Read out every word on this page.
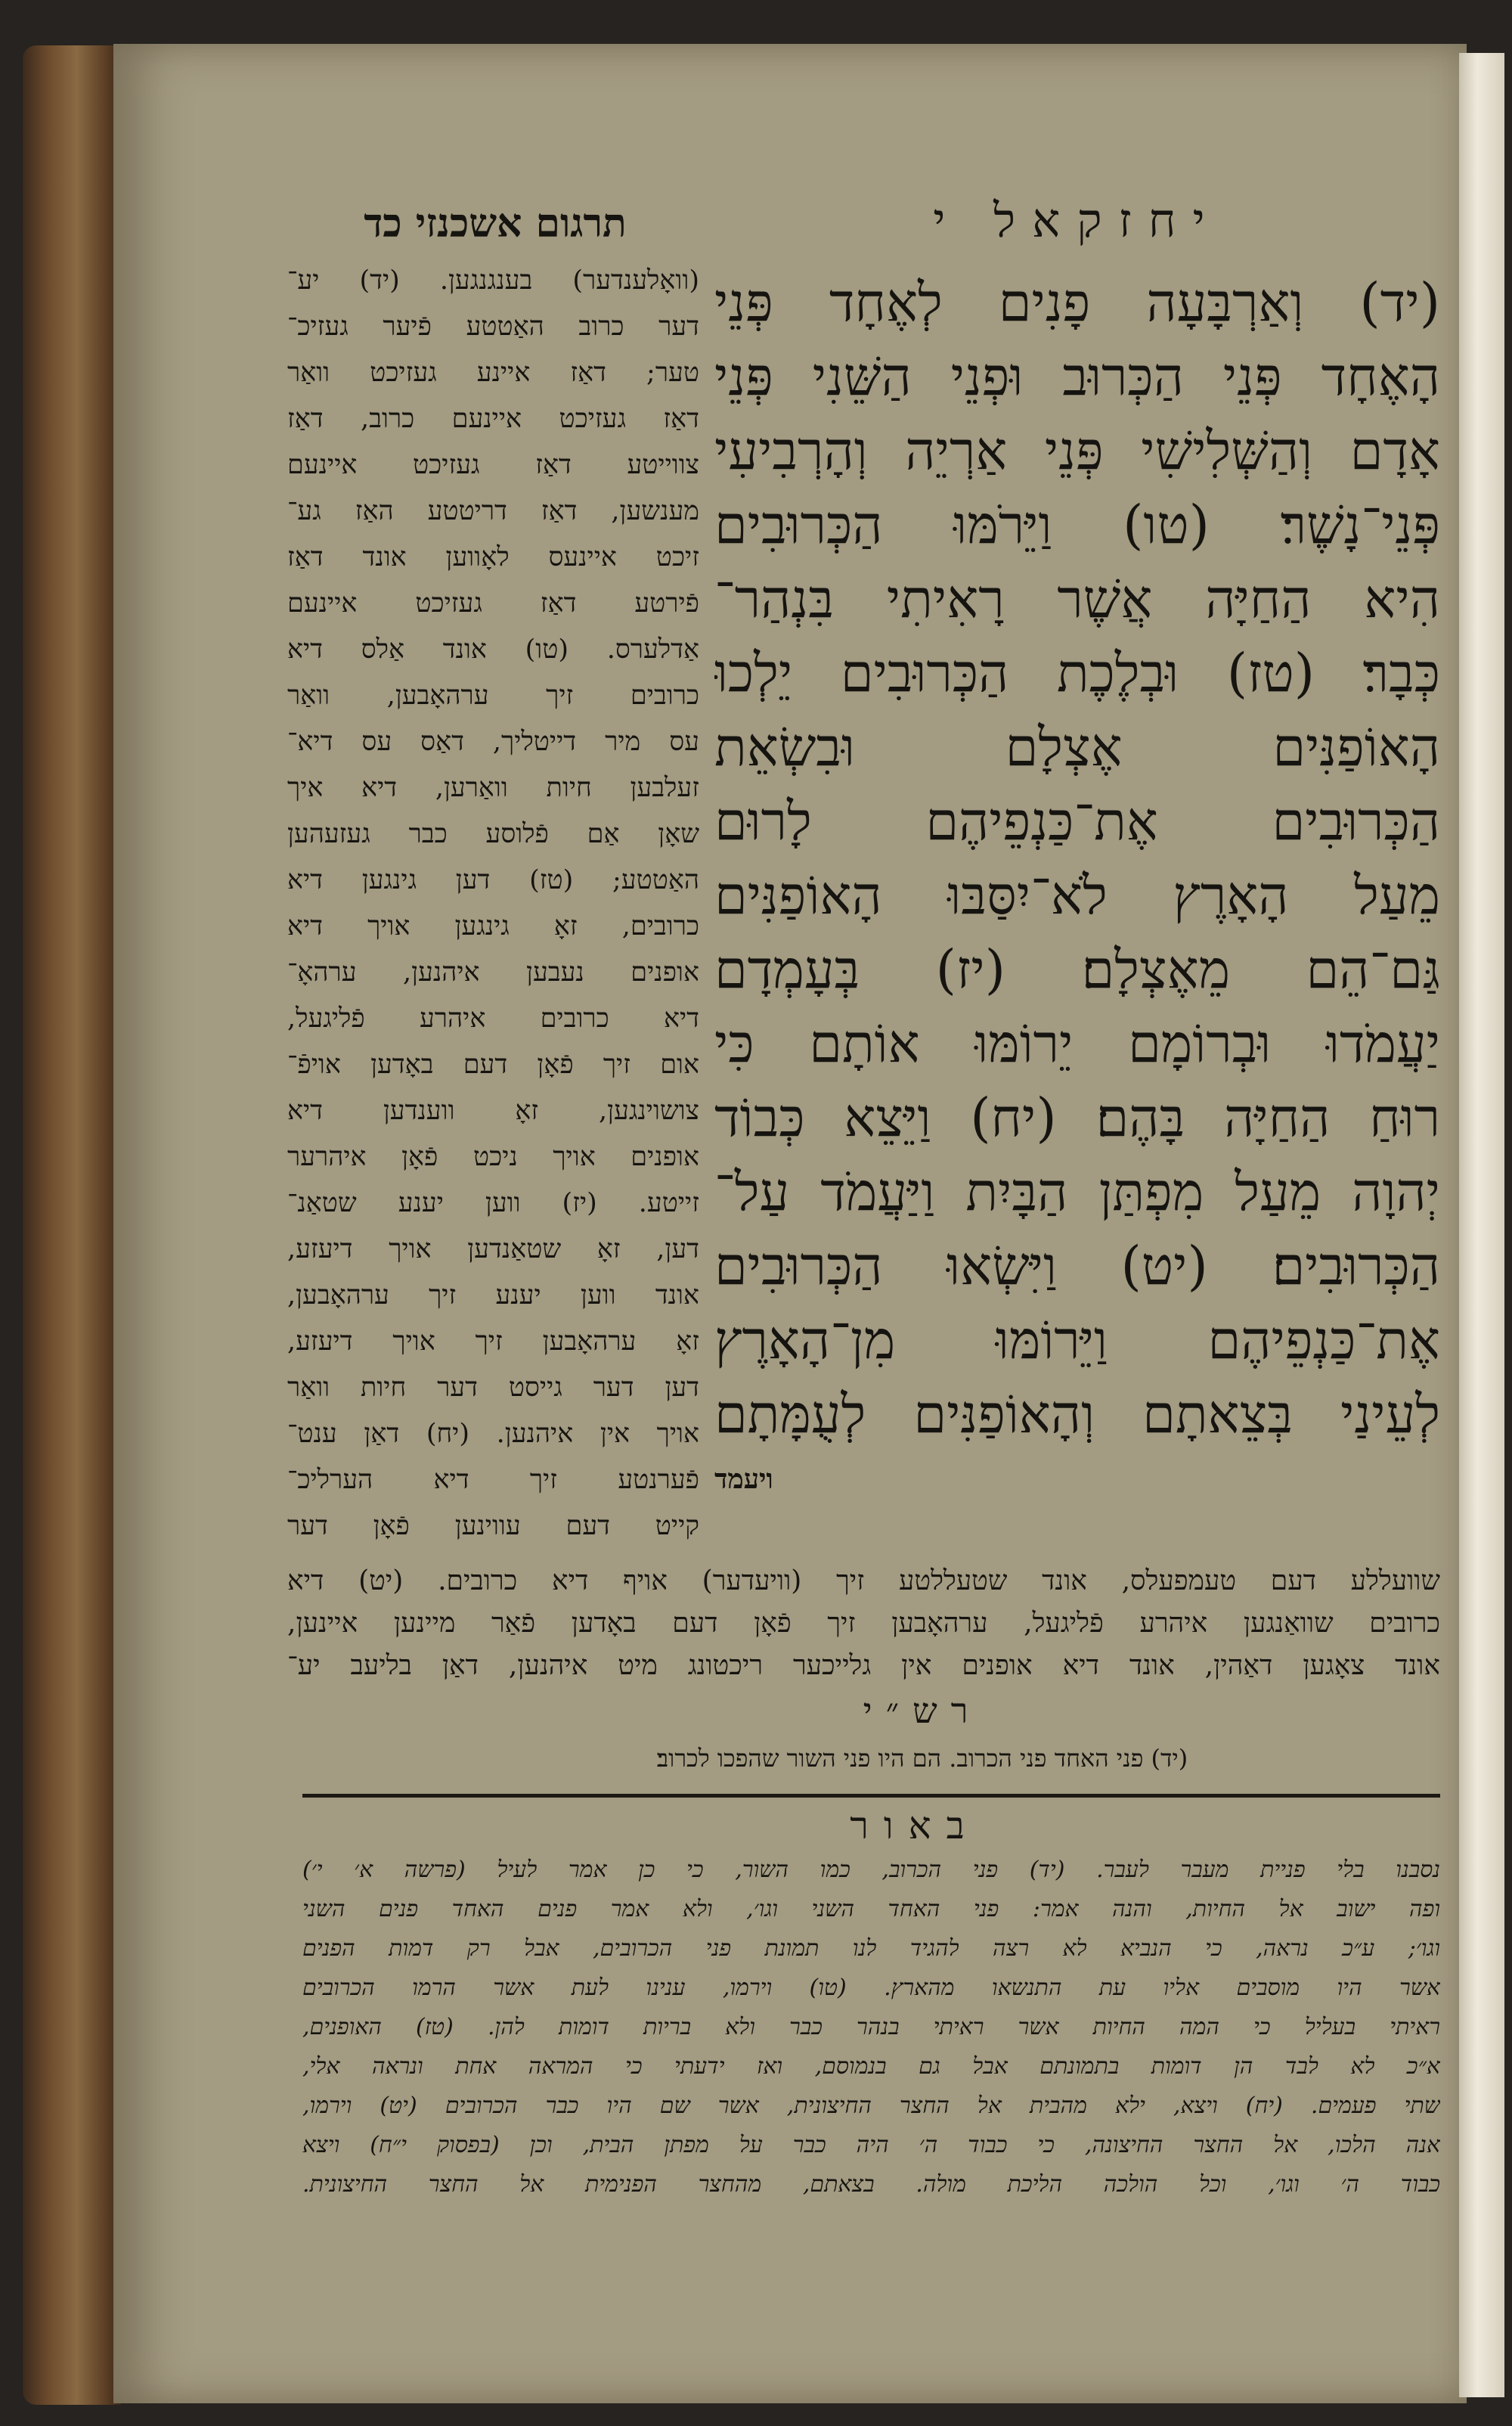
יחזקאל י
תרגום אשכנזי כד
(יד) וְאַרְבָּעָה פָנִים לְאֶחָד פְּנֵי
הָאֶחָד פְּנֵי הַכְּרוּב וּפְנֵי הַשֵּׁנִי פְּנֵי
אָדָם וְהַשְּׁלִישִׁי פְּנֵי אַרְיֵה וְהָרְבִיעִי
פְּנֵי־נָשֶׁר׃ (טו) וַיֵּרֹמּוּ הַכְּרוּבִים
הִיא הַחַיָּה אֲשֶׁר רָאִיתִי בִּנְהַר־
כְּבָר׃ (טז) וּבְלֶכֶת הַכְּרוּבִים יֵלְכוּ
הָאוֹפַנִּים אֶצְלָם וּבִשְׂאֵת
הַכְּרוּבִים אֶת־כַּנְפֵיהֶם לָרוּם
מֵעַל הָאָרֶץ לֹא־יִסַּבּוּ הָאוֹפַנִּים
גַּם־הֵם מֵאֶצְלָם׃ (יז) בְּעָמְדָם
יַעֲמֹדוּ וּבְרוֹמָם יֵרוֹמּוּ אוֹתָם כִּי
רוּחַ הַחַיָּה בָּהֶם׃ (יח) וַיֵּצֵא כְּבוֹד
יְהוָה מֵעַל מִפְתַּן הַבָּיִת וַיַּעֲמֹד עַל־
הַכְּרוּבִים׃ (יט) וַיִּשְׂאוּ הַכְּרוּבִים
אֶת־כַּנְפֵיהֶם וַיֵּרוֹמּוּ מִן־הָאָרֶץ
לְעֵינַי בְּצֵאתָם וְהָאוֹפַנִּים לְעֻמָּתָם
ויעמד
(וואָלענדער) בענגנגען. (יד) יע־
דער כרוב האַטטע פֿיער געזיכ־
טער; דאַז איינע געזיכט וואַר
דאַז געזיכט איינעם כרוב, דאַז
צווייטע דאַז געזיכט איינעם
מענשען, דאַז דריטטע האַז גע־
זיכט איינעס לאָווען אונד דאַז
פֿירטע דאַז געזיכט איינעם
אַדלערס. (טו) אונד אַלס דיא
כרובים זיך ערהאָבען, וואַר
עס מיר דייטליך, דאַס עס דיא־
זעלבען חיות וואַרען, דיא איך
שאָן אַם פֿלוסע כבר געזעהען
האַטטע; (טז) דען גינגען דיא
כרובים, זאָ גינגען אויך דיא
אופנים נעבען איהנען, ערהאָ־
דיא כרובים איהרע פֿליגעל,
אום זיך פֿאָן דעם באָדען אויפֿ־
צושוינגען, זאָ ווענדען דיא
אופנים אויך ניכט פֿאָן איהרער
זייטע. (יז) ווען יענע שטאַנ־
דען, זאָ שטאַנדען אויך דיעזע,
אונד ווען יענע זיך ערהאָבען,
זאָ ערהאָבען זיך אויך דיעזע,
דען דער גייסט דער חיות וואַר
אויך אין איהנען. (יח) דאַן ענט־
פֿערנטע זיך דיא הערליכ־
קייט דעם עווינען פֿאָן דער
שוועללע דעם טעמפעלס, אונד שטעללטע זיך (וויעדער) אויף דיא כרובים. (יט) דיא
כרובים שוואַנגען איהרע פֿליגעל, ערהאָבען זיך פֿאָן דעם באָדען פֿאַר מיינען איינען,
אונד צאָגען דאַהין, אונד דיא אופנים אין גלייכער ריכטונג מיט איהנען, דאַן בליעב יע־
רש״י
(יד) פני האחד פני הכרוב. הם היו פני השור שהפכו לכרוב׃
באור
נסבנו בלי פניית מעבר לעבר. (יד) פני הכרוב, כמו השור, כי כן אמר לעיל (פרשה א׳ י׳)
ופה ישוב אל החיות, והנה אמר: פני האחד השני וגו׳, ולא אמר פנים האחד פנים השני
וגו׳; ע״כ נראה, כי הנביא לא רצה להגיד לנו תמונת פני הכרובים, אבל רק דמות הפנים
אשר היו מוסבים אליו עת התנשאו מהארץ. (טו) וירמו, ענינו לעת אשר הרמו הכרובים
ראיתי בעליל כי המה החיות אשר ראיתי בנהר כבר ולא בריות דומות להן. (טז) האופנים,
א״כ לא לבד הן דומות בתמונתם אבל גם בנמוסם, ואז ידעתי כי המראה אחת ונראה אלי,
שתי פעמים. (יח) ויצא, ילא מהבית אל החצר החיצונית, אשר שם היו כבר הכרובים (יט) וירמו,
אנה הלכו, אל החצר החיצונה, כי כבוד ה׳ היה כבר על מפתן הבית, וכן (בפסוק י״ח) ויצא
כבוד ה׳ וגו׳, וכל הולכה הליכת מולה. בצאתם, מהחצר הפנימית אל החצר החיצונית.
